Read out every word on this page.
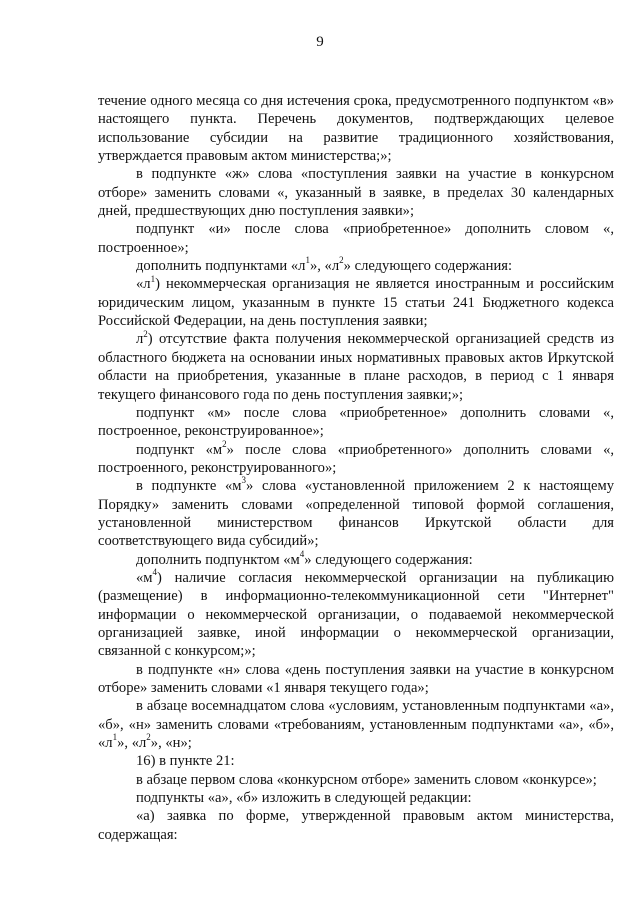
9

течение одного месяца со дня истечения срока, предусмотренного подпунктом «в» настоящего пункта. Перечень документов, подтверждающих целевое использование субсидии на развитие традиционного хозяйствования, утверждается правовым актом министерства;»;

в подпункте «ж» слова «поступления заявки на участие в конкурсном отборе» заменить словами «, указанный в заявке, в пределах 30 календарных дней, предшествующих дню поступления заявки»;

подпункт «и» после слова «приобретенное» дополнить словом «, построенное»;

дополнить подпунктами «$л^1$», «$л^2$» следующего содержания:

«$л^1$) некоммерческая организация не является иностранным и российским юридическим лицом, указанным в пункте 15 статьи 241 Бюджетного кодекса Российской Федерации, на день поступления заявки;

$л^2$) отсутствие факта получения некоммерческой организацией средств из областного бюджета на основании иных нормативных правовых актов Иркутской области на приобретения, указанные в плане расходов, в период с 1 января текущего финансового года по день поступления заявки;»;

подпункт «м» после слова «приобретенное» дополнить словами «, построенное, реконструированное»;

подпункт «$м^2$» после слова «приобретенного» дополнить словами «, построенного, реконструированного»;

в подпункте «$м^3$» слова «установленной приложением 2 к настоящему Порядку» заменить словами «определенной типовой формой соглашения, установленной министерством финансов Иркутской области для соответствующего вида субсидий»;

дополнить подпунктом «$м^4$» следующего содержания:

«$м^4$) наличие согласия некоммерческой организации на публикацию (размещение) в информационно-телекоммуникационной сети "Интернет" информации о некоммерческой организации, о подаваемой некоммерческой организацией заявке, иной информации о некоммерческой организации, связанной с конкурсом;»;

в подпункте «н» слова «день поступления заявки на участие в конкурсном отборе» заменить словами «1 января текущего года»;

в абзаце восемнадцатом слова «условиям, установленным подпунктами «а», «б», «н» заменить словами «требованиям, установленным подпунктами «а», «б», «$л^1$», «$л^2$», «н»;

16) в пункте 21:

в абзаце первом слова «конкурсном отборе» заменить словом «конкурсе»;

подпункты «а», «б» изложить в следующей редакции:

«а) заявка по форме, утвержденной правовым актом министерства, содержащая:
